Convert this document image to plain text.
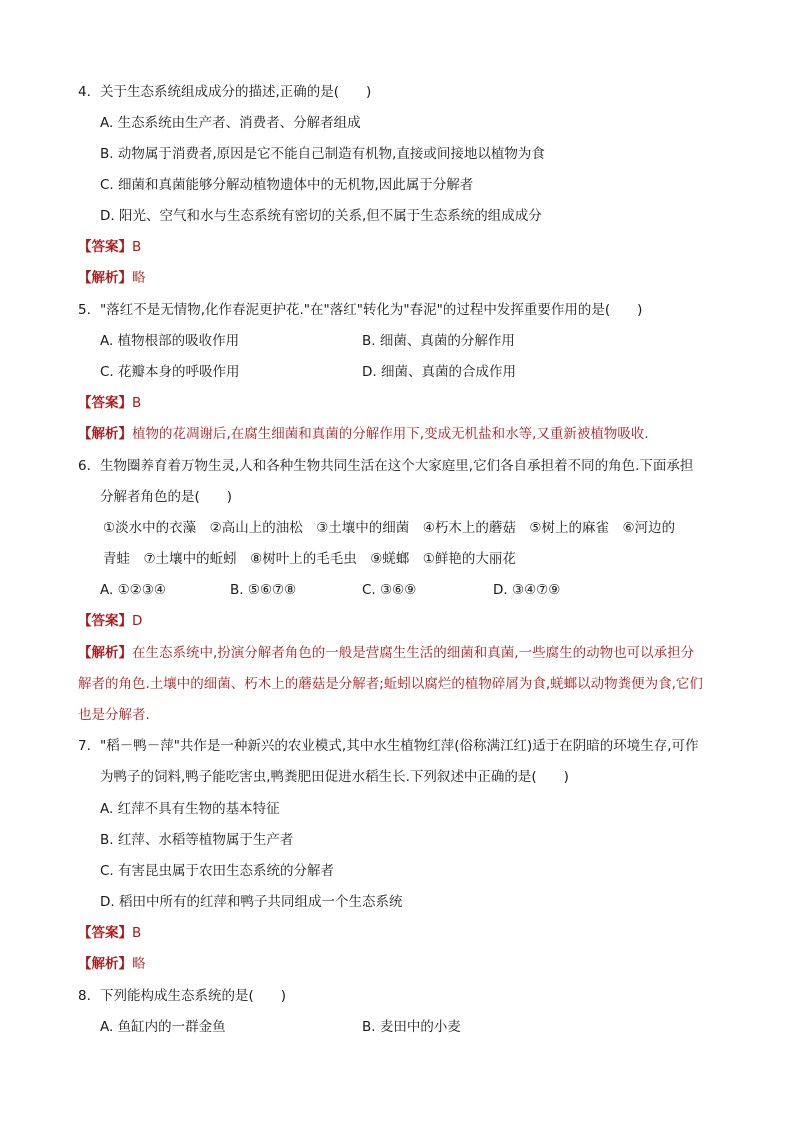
4. 关于生态系统组成成分的描述,正确的是(　　)
A. 生态系统由生产者、消费者、分解者组成
B. 动物属于消费者,原因是它不能自己制造有机物,直接或间接地以植物为食
C. 细菌和真菌能够分解动植物遗体中的无机物,因此属于分解者
D. 阳光、空气和水与生态系统有密切的关系,但不属于生态系统的组成成分
【答案】B
【解析】略
5. "落红不是无情物,化作春泥更护花."在"落红"转化为"春泥"的过程中发挥重要作用的是(　　)
A. 植物根部的吸收作用	B. 细菌、真菌的分解作用
C. 花瓣本身的呼吸作用	D. 细菌、真菌的合成作用
【答案】B
【解析】植物的花凋谢后,在腐生细菌和真菌的分解作用下,变成无机盐和水等,又重新被植物吸收.
6. 生物圈养育着万物生灵,人和各种生物共同生活在这个大家庭里,它们各自承担着不同的角色.下面承担
分解者角色的是(　　)
①淡水中的衣藻　②高山上的油松　③土壤中的细菌　④朽木上的蘑菇　⑤树上的麻雀　⑥河边的
青蛙　⑦土壤中的蚯蚓　⑧树叶上的毛毛虫　⑨蜣螂　①鲜艳的大丽花
A. ①②③④	B. ⑤⑥⑦⑧	C. ③⑥⑨	D. ③④⑦⑨
【答案】D
【解析】在生态系统中,扮演分解者角色的一般是营腐生生活的细菌和真菌,一些腐生的动物也可以承担分
解者的角色.土壤中的细菌、朽木上的蘑菇是分解者;蚯蚓以腐烂的植物碎屑为食,蜣螂以动物粪便为食,它们
也是分解者.
7. "稻－鸭－萍"共作是一种新兴的农业模式,其中水生植物红萍(俗称满江红)适于在阴暗的环境生存,可作
为鸭子的饲料,鸭子能吃害虫,鸭粪肥田促进水稻生长.下列叙述中正确的是(　　)
A. 红萍不具有生物的基本特征
B. 红萍、水稻等植物属于生产者
C. 有害昆虫属于农田生态系统的分解者
D. 稻田中所有的红萍和鸭子共同组成一个生态系统
【答案】B
【解析】略
8. 下列能构成生态系统的是(　　)
A. 鱼缸内的一群金鱼	B. 麦田中的小麦
